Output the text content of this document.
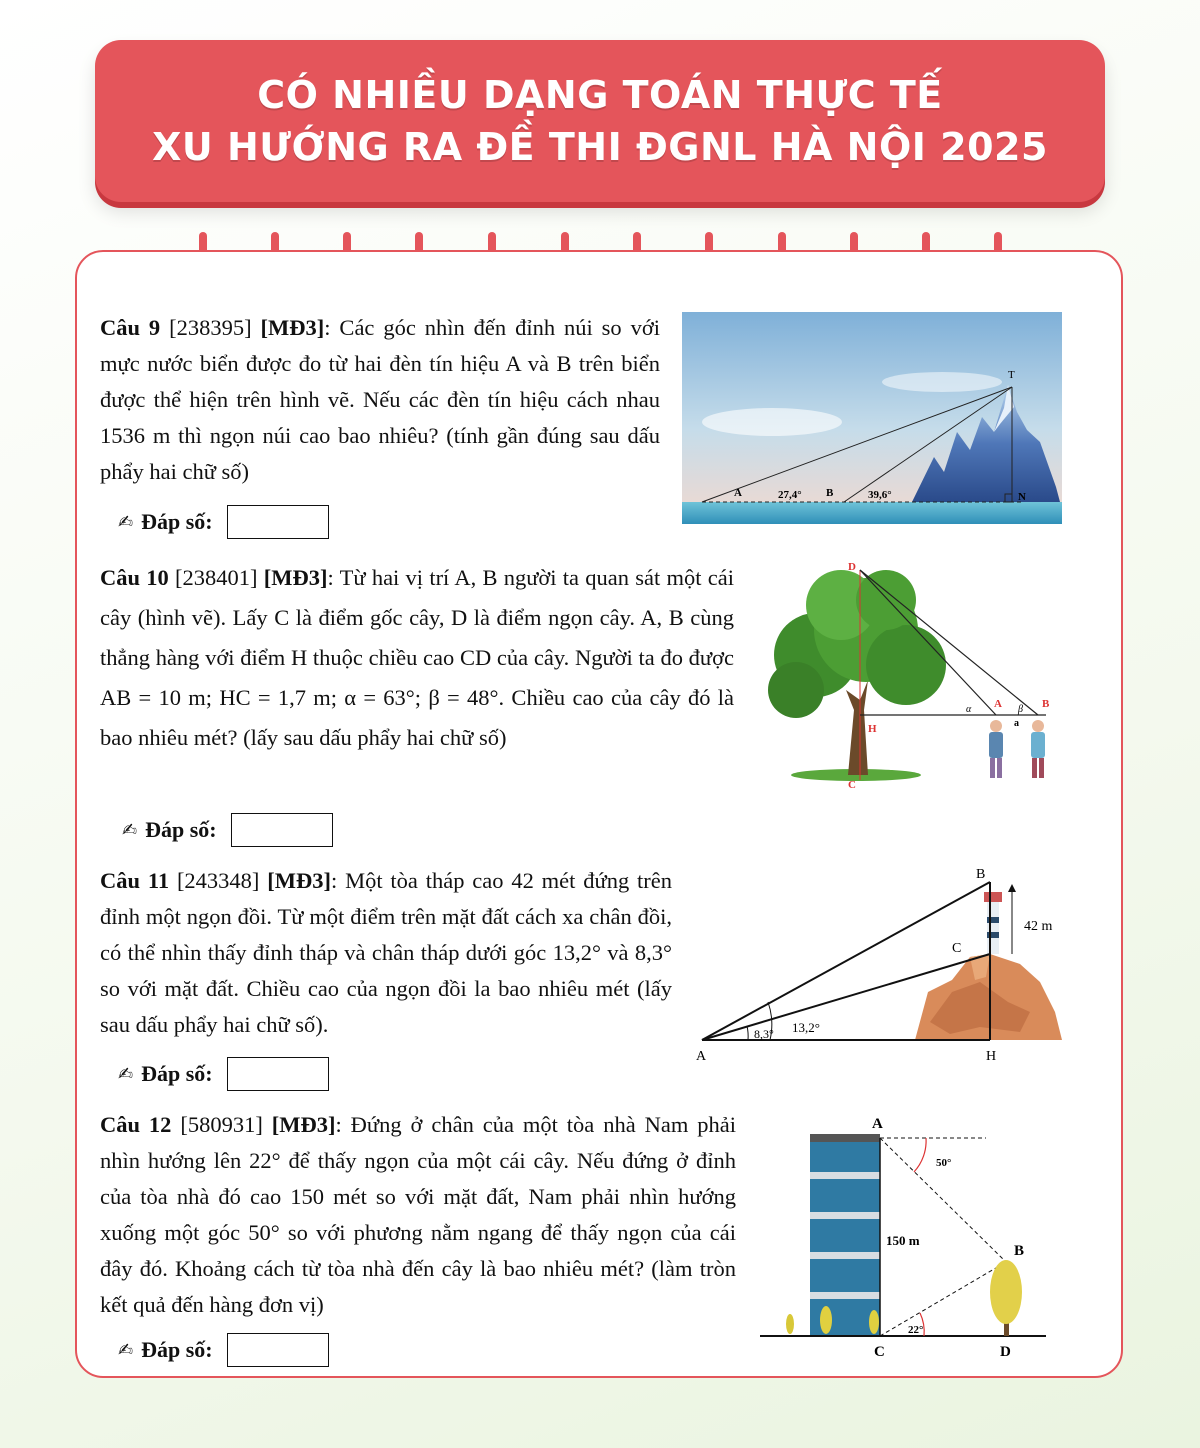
CÓ NHIỀU DẠNG TOÁN THỰC TẾ
XU HƯỚNG RA ĐỀ THI ĐGNL HÀ NỘI 2025
Câu 9 [238395] [MĐ3]: Các góc nhìn đến đỉnh núi so với mực nước biển được đo từ hai đèn tín hiệu A và B trên biển được thể hiện trên hình vẽ. Nếu các đèn tín hiệu cách nhau 1536 m thì ngọn núi cao bao nhiêu? (tính gần đúng sau dấu phẩy hai chữ số)
✍ Đáp số:
T
A	B	N
27,4°	39,6°
Câu 10 [238401] [MĐ3]: Từ hai vị trí A, B người ta quan sát một cái cây (hình vẽ). Lấy C là điểm gốc cây, D là điểm ngọn cây. A, B cùng thẳng hàng với điểm H thuộc chiều cao CD của cây. Người ta đo được AB = 10 m; HC = 1,7 m; α = 63°; β = 48°. Chiều cao của cây đó là bao nhiêu mét? (lấy sau dấu phẩy hai chữ số)
✍ Đáp số:
D
C
H
A	B
α	β
a
Câu 11 [243348] [MĐ3]: Một tòa tháp cao 42 mét đứng trên đỉnh một ngọn đồi. Từ một điểm trên mặt đất cách xa chân đồi, có thể nhìn thấy đỉnh tháp và chân tháp dưới góc 13,2° và 8,3° so với mặt đất. Chiều cao của ngọn đồi la bao nhiêu mét (lấy sau dấu phẩy hai chữ số).
✍ Đáp số:
B
C
A	H
42 m
8,3° 13,2°
Câu 12 [580931] [MĐ3]: Đứng ở chân của một tòa nhà Nam phải nhìn hướng lên 22° để thấy ngọn của một cái cây. Nếu đứng ở đỉnh của tòa nhà đó cao 150 mét so với mặt đất, Nam phải nhìn hướng xuống một góc 50° so với phương nằm ngang để thấy ngọn của cái đây đó. Khoảng cách từ tòa nhà đến cây là bao nhiêu mét? (làm tròn kết quả đến hàng đơn vị)
✍ Đáp số:
A
B
C	D
150 m
50°
22°
